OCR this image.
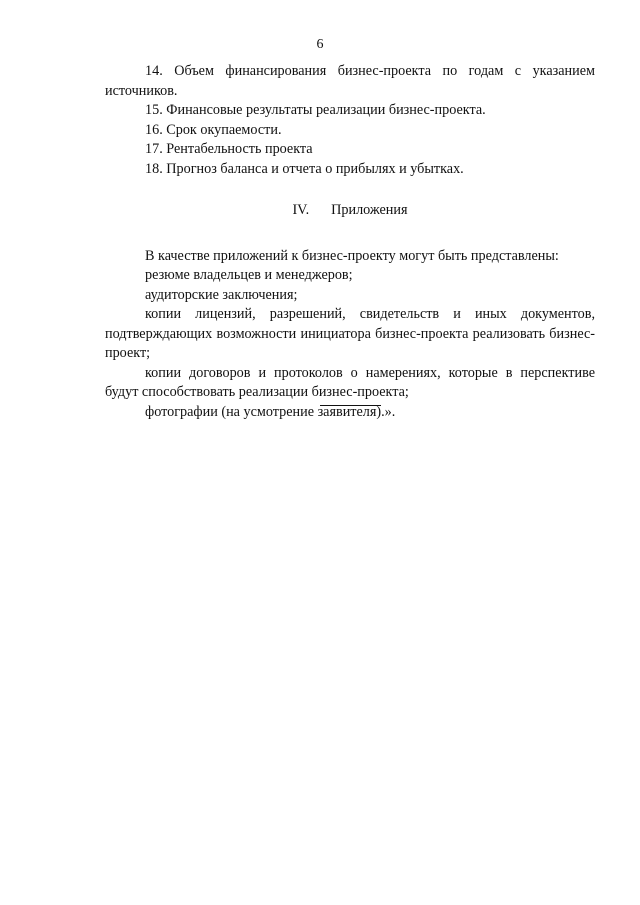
6

14. Объем финансирования бизнес-проекта по годам с указанием источников.

15. Финансовые результаты реализации бизнес-проекта.

16. Срок окупаемости.

17. Рентабельность проекта

18. Прогноз баланса и отчета о прибылях и убытках.

IV. Приложения

В качестве приложений к бизнес-проекту могут быть представлены:

резюме владельцев и менеджеров;

аудиторские заключения;

копии лицензий, разрешений, свидетельств и иных документов, подтверждающих возможности инициатора бизнес-проекта реализовать бизнес-проект;

копии договоров и протоколов о намерениях, которые в перспективе будут способствовать реализации бизнес-проекта;

фотографии (на усмотрение заявителя).».
